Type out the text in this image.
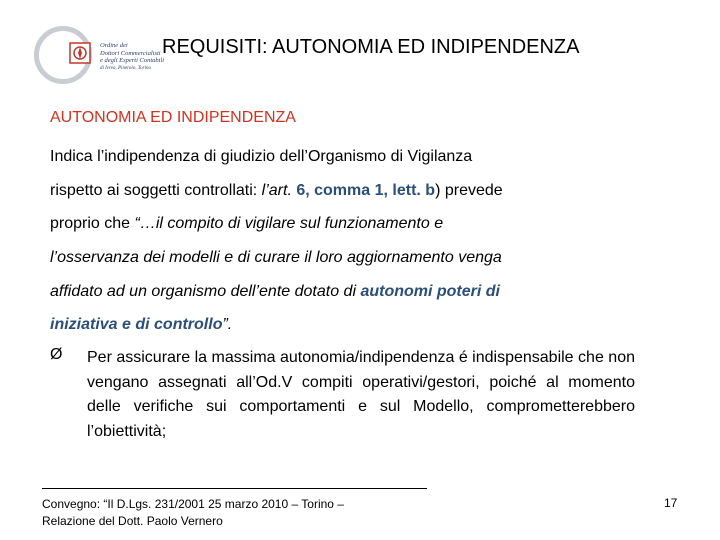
Ordine dei
Dottori Commercialisti
e degli Esperti Contabili
di Ivrea, Pinerolo, Torino
REQUISITI: AUTONOMIA ED INDIPENDENZA
AUTONOMIA ED INDIPENDENZA
Indica l’indipendenza di giudizio dell’Organismo di Vigilanza
rispetto ai soggetti controllati: l’art. 6, comma 1, lett. b) prevede
proprio che “…il compito di vigilare sul funzionamento e
l’osservanza dei modelli e di curare il loro aggiornamento venga
affidato ad un organismo dell’ente dotato di autonomi poteri di
iniziativa e di controllo”.
Ø Per assicurare la massima autonomia/indipendenza é indispensabile che non vengano assegnati all’Od.V compiti operativi/gestori, poiché al momento delle verifiche sui comportamenti e sul Modello, comprometterebbero l’obiettività;
Convegno: “Il D.Lgs. 231/2001 25 marzo 2010 – Torino –
Relazione del Dott. Paolo Vernero
17
